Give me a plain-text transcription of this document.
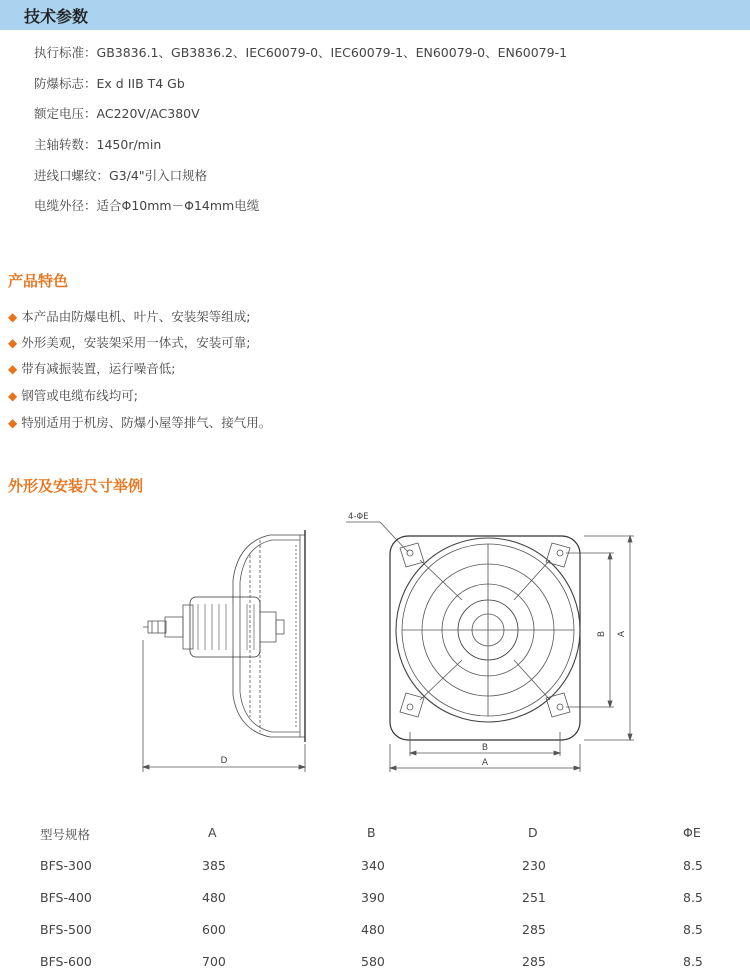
技术参数
执行标准：GB3836.1、GB3836.2、IEC60079-0、IEC60079-1、EN60079-0、EN60079-1
防爆标志：Ex d IIB T4 Gb
额定电压：AC220V/AC380V
主轴转数：1450r/min
进线口螺纹：G3/4"引入口规格
电缆外径：适合Φ10mm－Φ14mm电缆
产品特色
◆ 本产品由防爆电机、叶片、安装架等组成;
◆ 外形美观，安装架采用一体式，安装可靠;
◆ 带有减振装置，运行噪音低;
◆ 钢管或电缆布线均可;
◆ 特别适用于机房、防爆小屋等排气、接气用。
外形及安装尺寸举例
D
4-ΦE
B
A
B A
型号规格	A	B	D	ΦE
BFS-300	385	340	230	8.5
BFS-400	480	390	251	8.5
BFS-500	600	480	285	8.5
BFS-600	700	580	285	8.5
